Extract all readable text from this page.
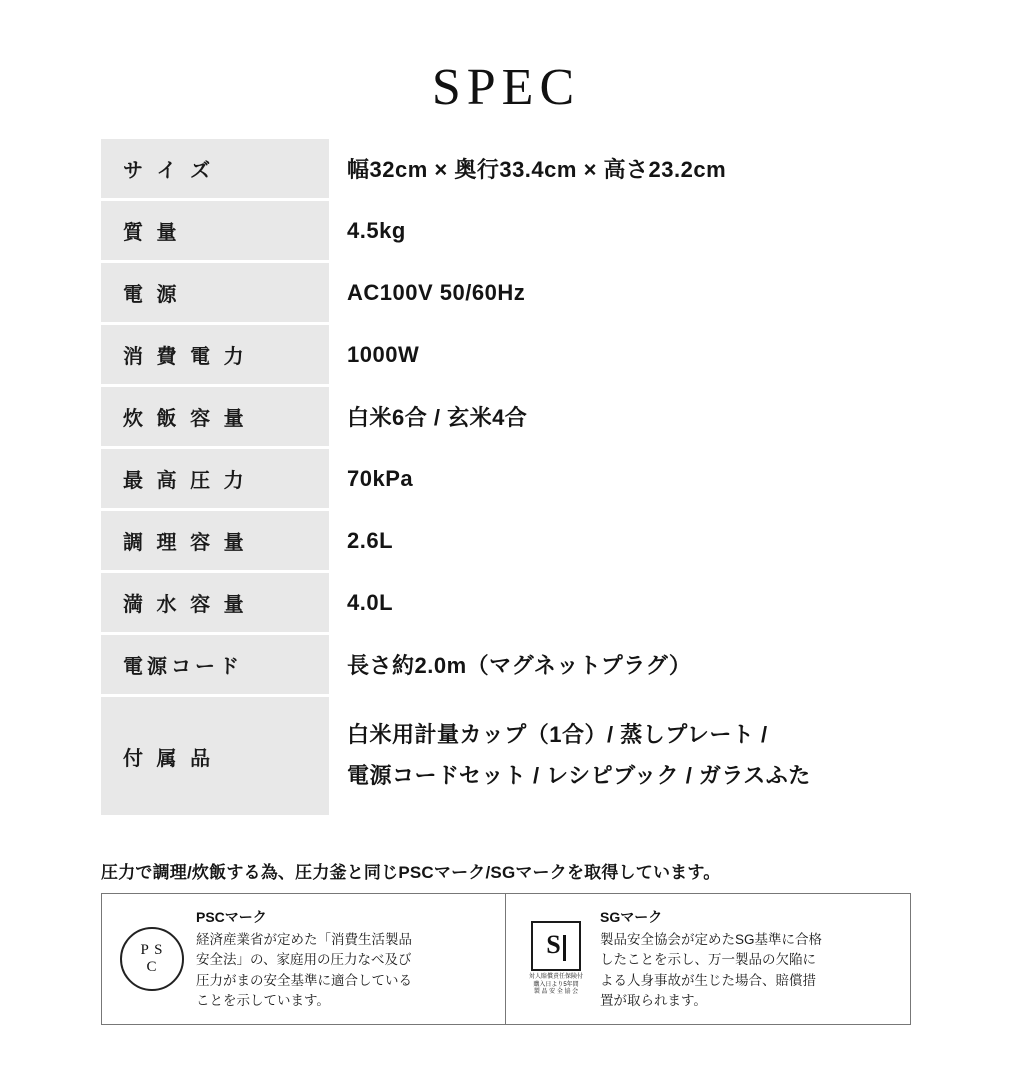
SPEC
サ イ ズ	幅32cm × 奥行33.4cm × 高さ23.2cm

質 量	4.5kg

電 源	AC100V 50/60Hz

消 費 電 力	1000W

炊 飯 容 量	白米6合 / 玄米4合

最 高 圧 力	70kPa

調 理 容 量	2.6L

満 水 容 量	4.0L

電源コード	長さ約2.0m（マグネットプラグ）

付 属 品	白米用計量カップ（1合）/ 蒸しプレート /
電源コードセット / レシピブック / ガラスふた
圧力で調理/炊飯する為、圧力釜と同じPSCマーク/SGマークを取得しています。
P S
C
PSCマーク
経済産業省が定めた「消費生活製品
安全法」の、家庭用の圧力なべ及び
圧力がまの安全基準に適合している
ことを示しています。
S
対人賠償責任保険付
購入日より5年間
製 品 安 全 協 会
SGマーク
製品安全協会が定めたSG基準に合格
したことを示し、万一製品の欠陥に
よる人身事故が生じた場合、賠償措
置が取られます。
